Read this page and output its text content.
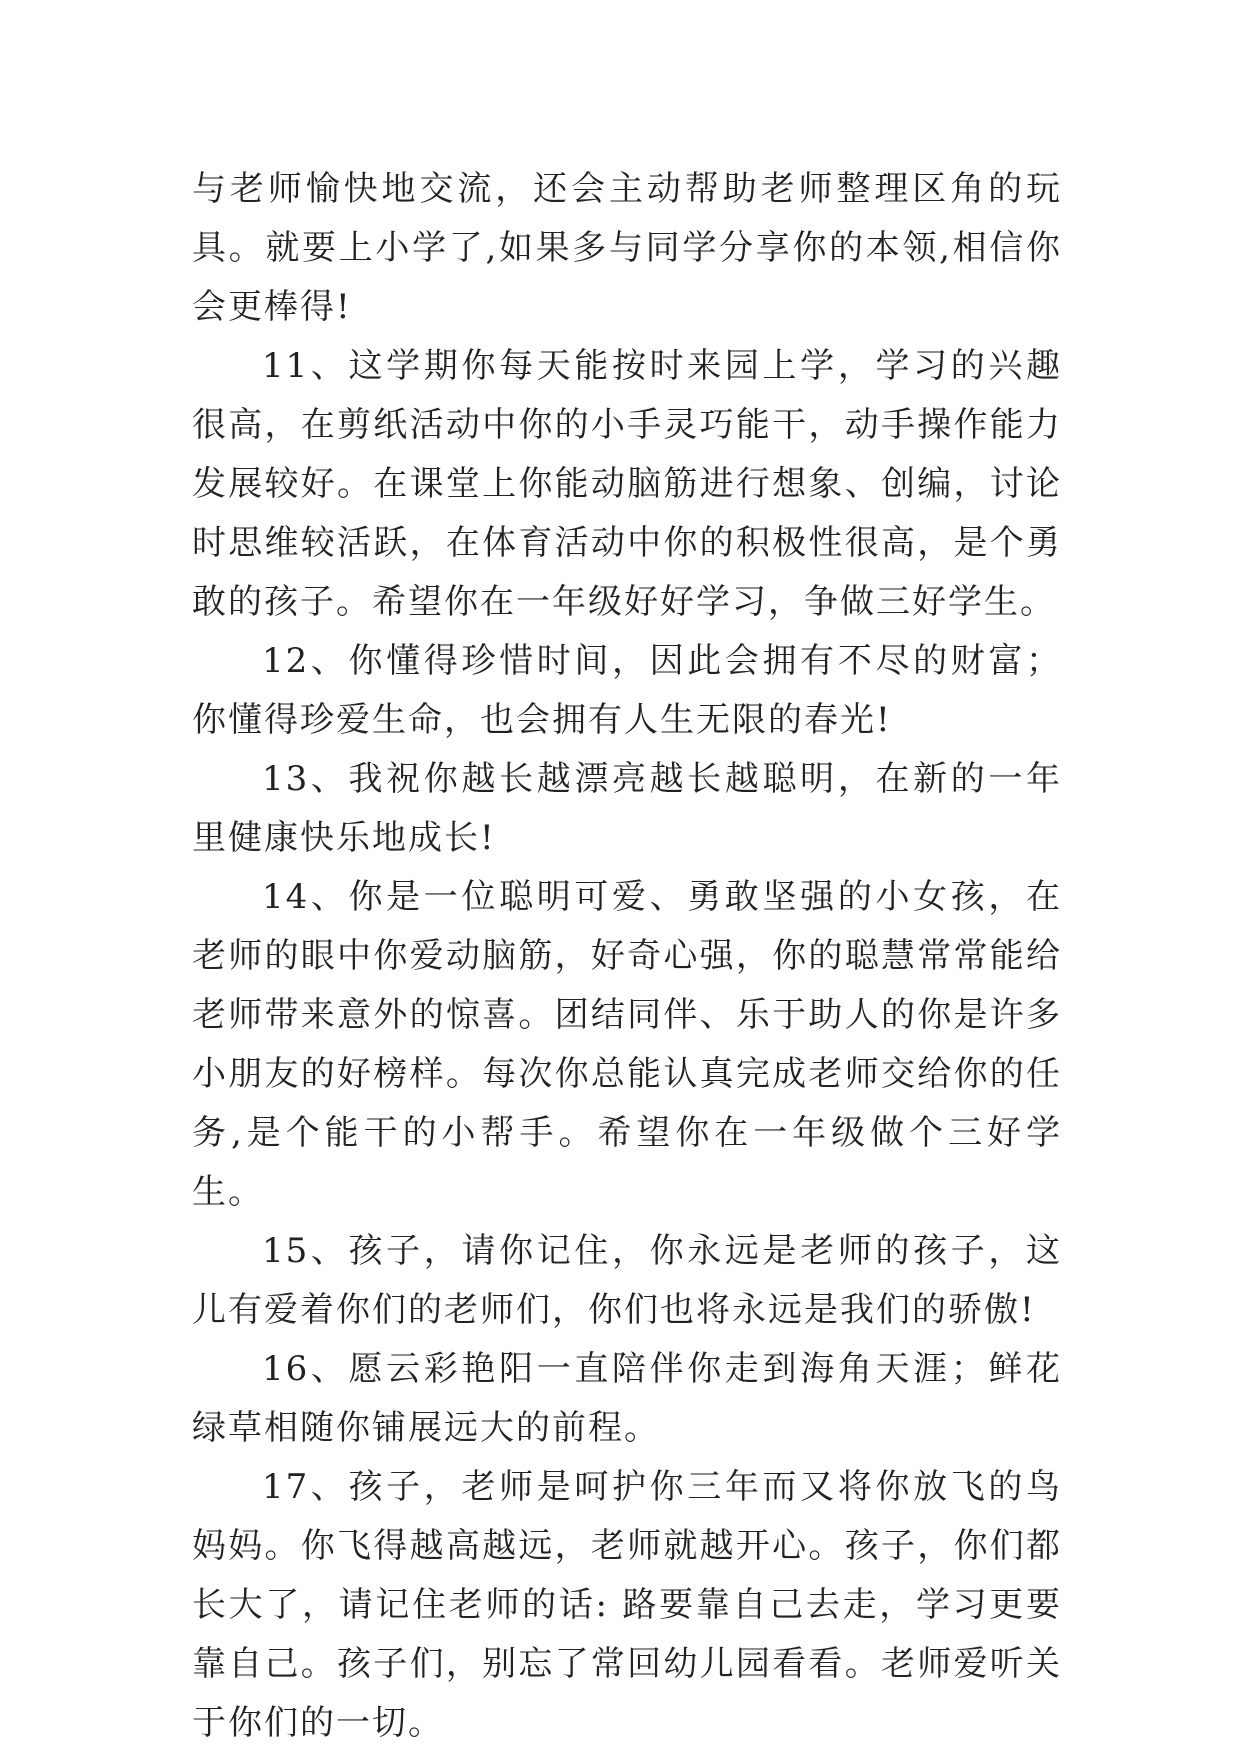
与老师愉快地交流，还会主动帮助老师整理区角的玩具。就要上小学了,如果多与同学分享你的本领,相信你会更棒得!

11、这学期你每天能按时来园上学，学习的兴趣很高，在剪纸活动中你的小手灵巧能干，动手操作能力发展较好。在课堂上你能动脑筋进行想象、创编，讨论时思维较活跃，在体育活动中你的积极性很高，是个勇敢的孩子。希望你在一年级好好学习，争做三好学生。

12、你懂得珍惜时间，因此会拥有不尽的财富；你懂得珍爱生命，也会拥有人生无限的春光!

13、我祝你越长越漂亮越长越聪明，在新的一年里健康快乐地成长!

14、你是一位聪明可爱、勇敢坚强的小女孩，在老师的眼中你爱动脑筋，好奇心强，你的聪慧常常能给老师带来意外的惊喜。团结同伴、乐于助人的你是许多小朋友的好榜样。每次你总能认真完成老师交给你的任务,是个能干的小帮手。希望你在一年级做个三好学生。

15、孩子，请你记住，你永远是老师的孩子，这儿有爱着你们的老师们，你们也将永远是我们的骄傲!

16、愿云彩艳阳一直陪伴你走到海角天涯；鲜花绿草相随你铺展远大的前程。

17、孩子，老师是呵护你三年而又将你放飞的鸟妈妈。你飞得越高越远，老师就越开心。孩子，你们都长大了，请记住老师的话: 路要靠自己去走，学习更要靠自己。孩子们，别忘了常回幼儿园看看。老师爱听关于你们的一切。
